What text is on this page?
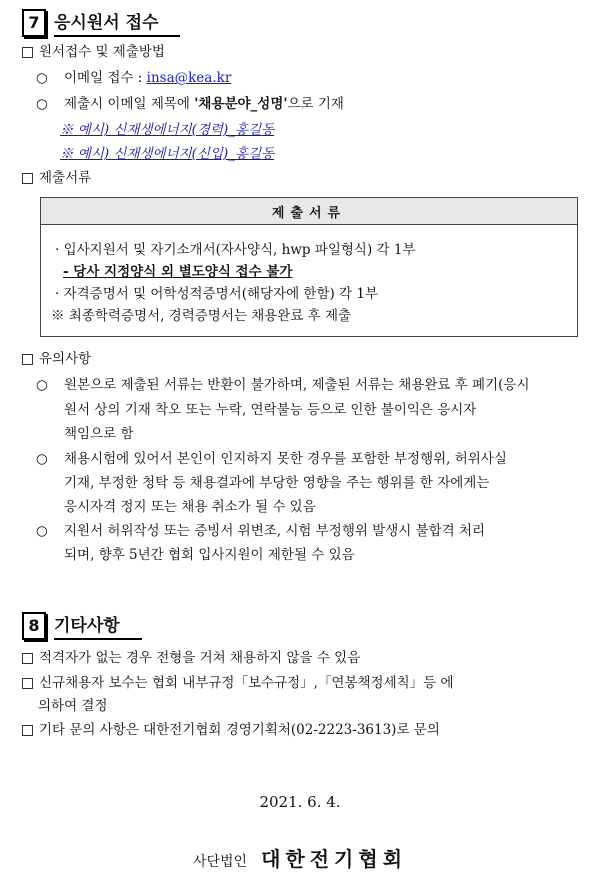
7 응시원서 접수
원서접수 및 제출방법
○ 이메일 접수 : insa@kea.kr
○ 제출시 이메일 제목에 '채용분야_성명'으로 기재
※ 예시) 신재생에너지(경력)_홍길동
※ 예시) 신재생에너지(신입)_홍길동
제출서류
제출서류
· 입사지원서 및 자기소개서(자사양식, hwp 파일형식) 각 1부
- 당사 지정양식 외 별도양식 접수 불가
· 자격증명서 및 어학성적증명서(해당자에 한함) 각 1부
※ 최종학력증명서, 경력증명서는 채용완료 후 제출
유의사항
○ 원본으로 제출된 서류는 반환이 불가하며, 제출된 서류는 채용완료 후 폐기(응시
원서 상의 기재 착오 또는 누락, 연락불능 등으로 인한 불이익은 응시자
책임으로 함
○ 채용시험에 있어서 본인이 인지하지 못한 경우를 포함한 부정행위, 허위사실
기재, 부정한 청탁 등 채용결과에 부당한 영향을 주는 행위를 한 자에게는
응시자격 정지 또는 채용 취소가 될 수 있음
○ 지원서 허위작성 또는 증빙서 위변조, 시험 부정행위 발생시 불합격 처리
되며, 향후 5년간 협회 입사지원이 제한될 수 있음
8 기타사항
적격자가 없는 경우 전형을 거쳐 채용하지 않을 수 있음
신규채용자 보수는 협회 내부규정「보수규정」,「연봉책정세칙」등 에
의하여 결정
기타 문의 사항은 대한전기협회 경영기획처(02-2223-3613)로 문의
2021. 6. 4.
사단법인 대한전기협회
